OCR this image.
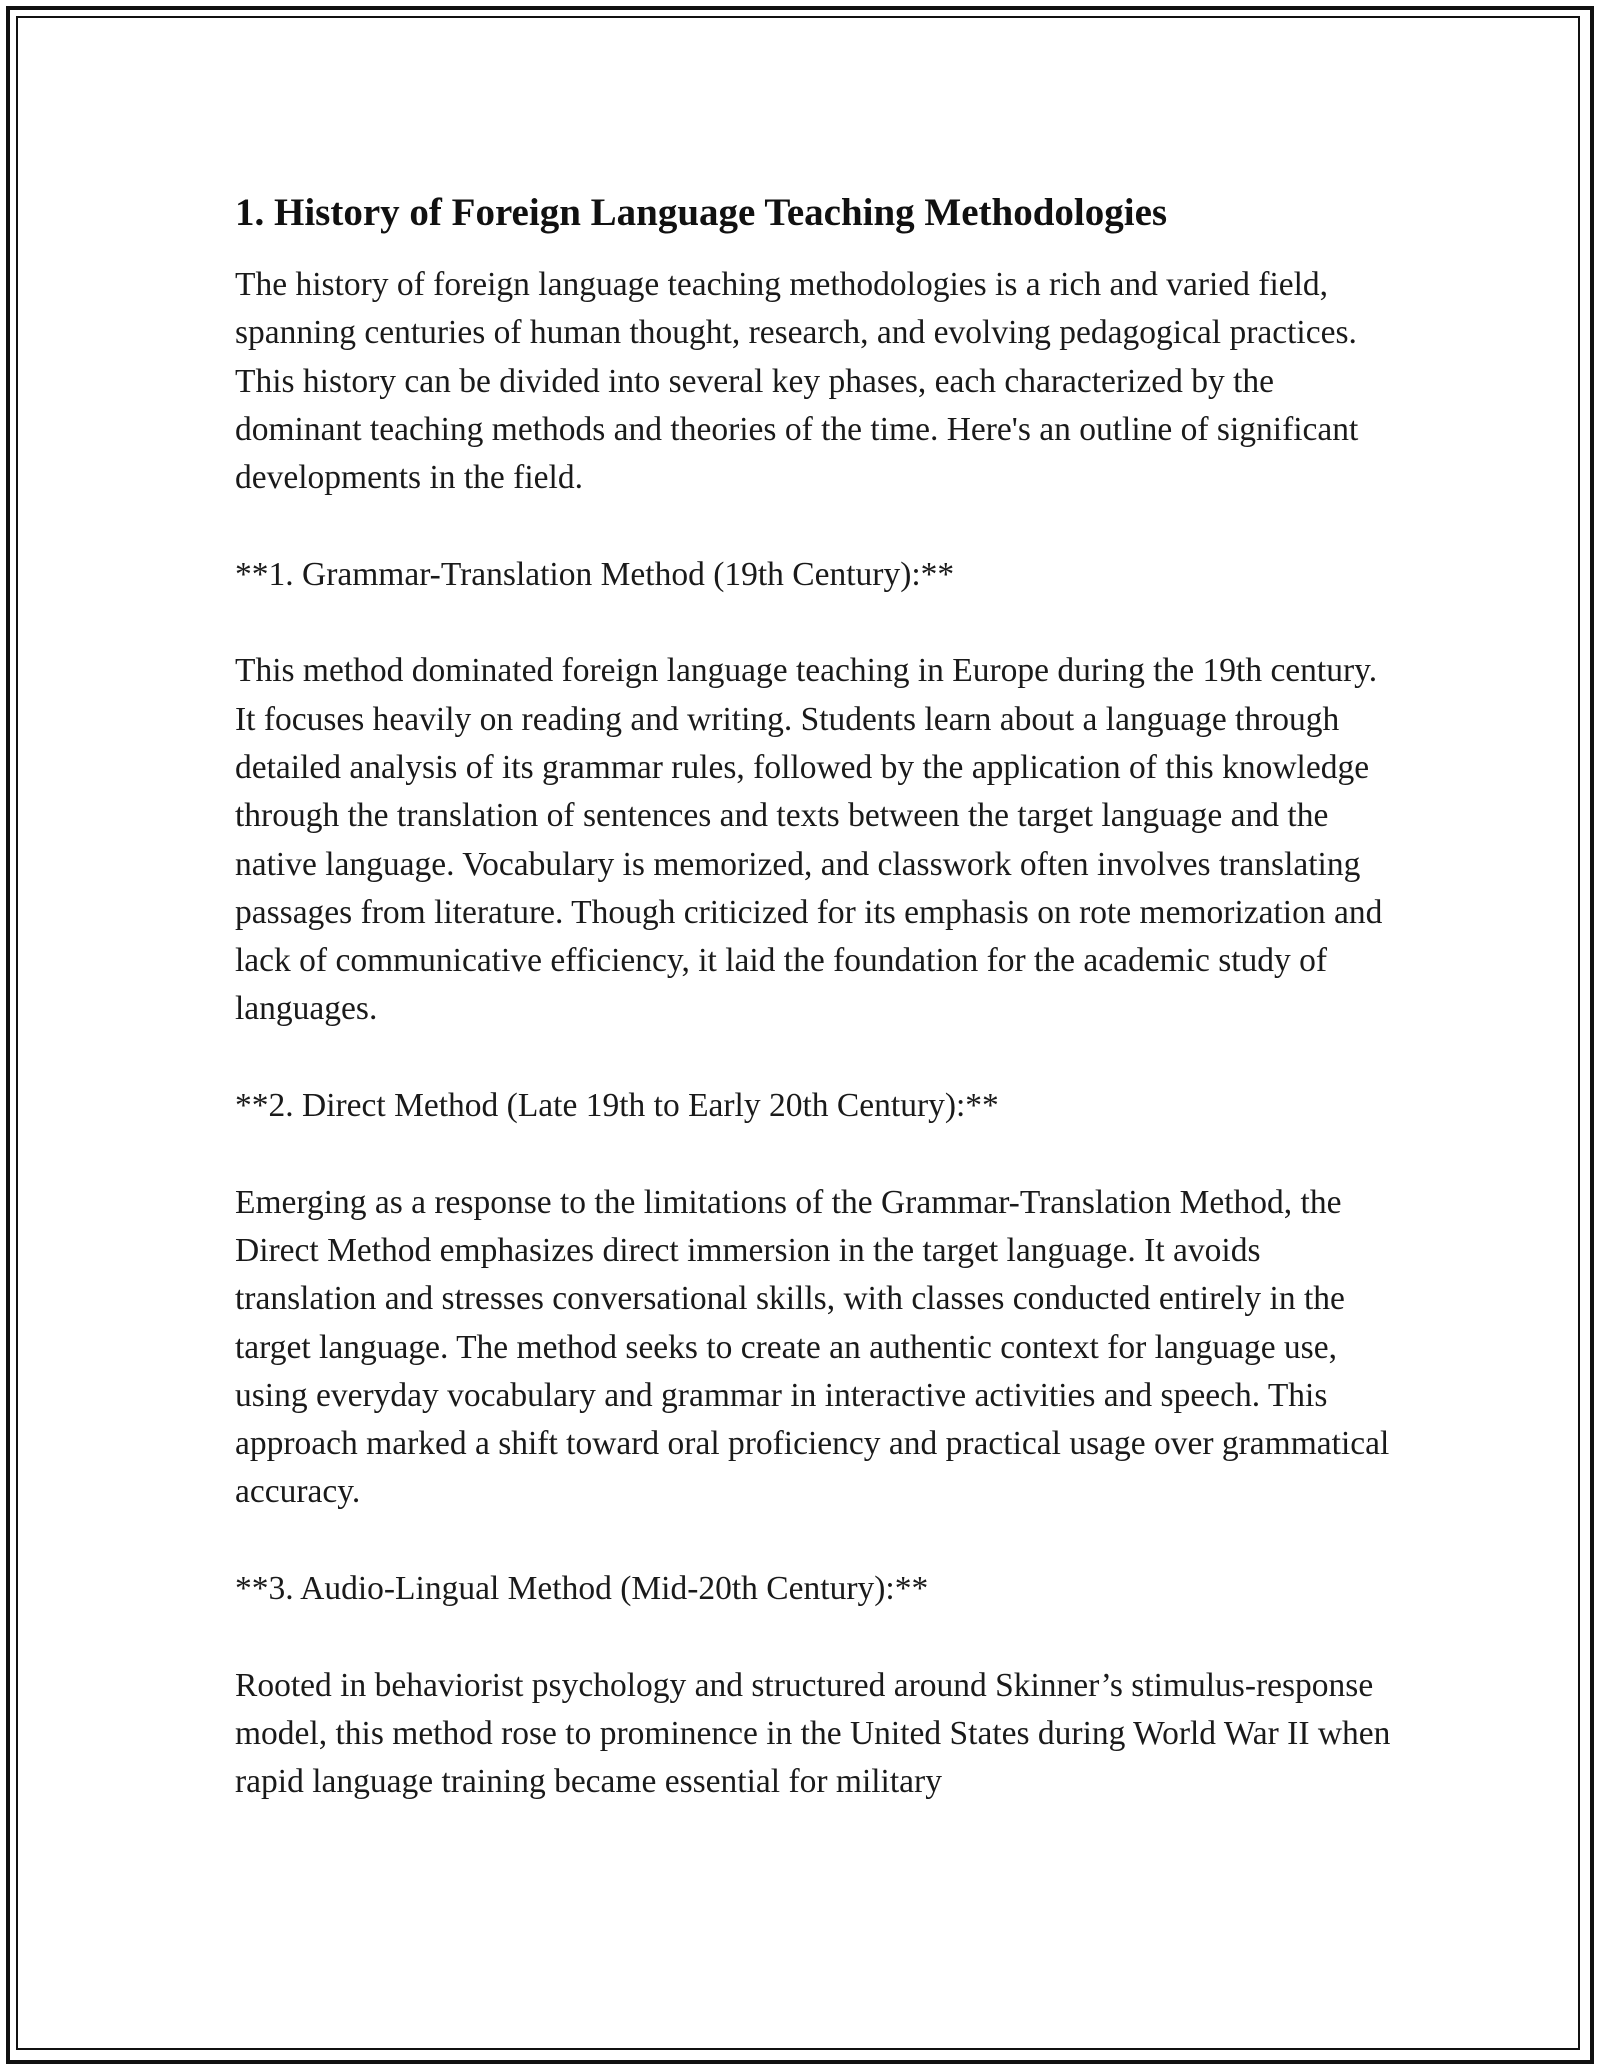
1. History of Foreign Language Teaching Methodologies

The history of foreign language teaching methodologies is a rich and varied field, spanning centuries of human thought, research, and evolving pedagogical practices. This history can be divided into several key phases, each characterized by the dominant teaching methods and theories of the time. Here's an outline of significant developments in the field.

**1. Grammar-Translation Method (19th Century):**

This method dominated foreign language teaching in Europe during the 19th century. It focuses heavily on reading and writing. Students learn about a language through detailed analysis of its grammar rules, followed by the application of this knowledge through the translation of sentences and texts between the target language and the native language. Vocabulary is memorized, and classwork often involves translating passages from literature. Though criticized for its emphasis on rote memorization and lack of communicative efficiency, it laid the foundation for the academic study of languages.

**2. Direct Method (Late 19th to Early 20th Century):**

Emerging as a response to the limitations of the Grammar-Translation Method, the Direct Method emphasizes direct immersion in the target language. It avoids translation and stresses conversational skills, with classes conducted entirely in the target language. The method seeks to create an authentic context for language use, using everyday vocabulary and grammar in interactive activities and speech. This approach marked a shift toward oral proficiency and practical usage over grammatical accuracy.

**3. Audio-Lingual Method (Mid-20th Century):**

Rooted in behaviorist psychology and structured around Skinner’s stimulus-response model, this method rose to prominence in the United States during World War II when rapid language training became essential for military
